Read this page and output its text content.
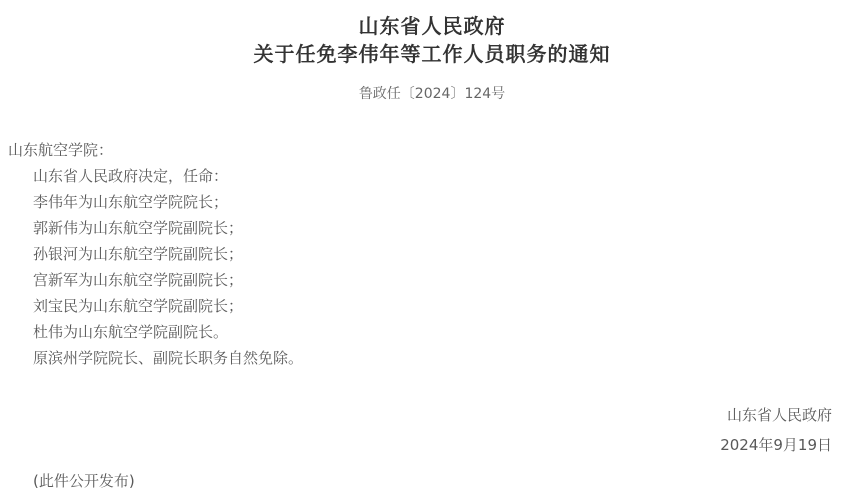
山东省人民政府
关于任免李伟年等工作人员职务的通知
鲁政任〔2024〕124号

山东航空学院：

山东省人民政府决定，任命：

李伟年为山东航空学院院长；

郭新伟为山东航空学院副院长；

孙银河为山东航空学院副院长；

宫新军为山东航空学院副院长；

刘宝民为山东航空学院副院长；

杜伟为山东航空学院副院长。

原滨州学院院长、副院长职务自然免除。

山东省人民政府
2024年9月19日
(此件公开发布)
